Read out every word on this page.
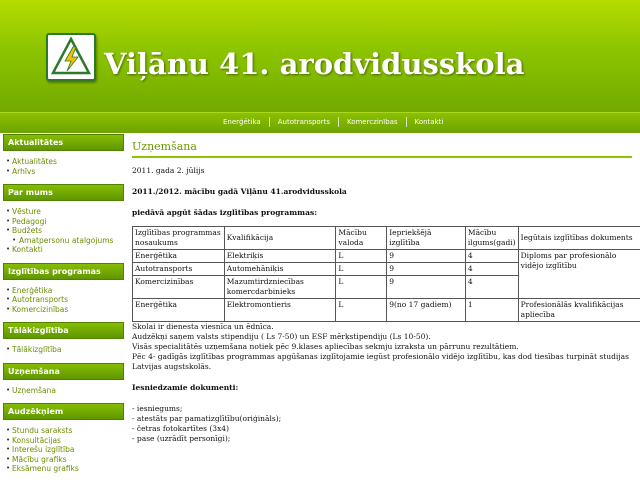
Viļānu 41. arodvidusskola
Enerģētika	Autotransports	Komerczinības	Kontakti
Aktualitātes
• Aktualitātes
• Arhīvs
Par mums
• Vēsture
• Pedagogi
• Budžets
• Amatpersonu atalgojums
• Kontakti
Izglītības programas
• Enerģētika
• Autotransports
• Komercizinības
Tālākizglītība
• Tālākizglītība
Uzņemšana
• Uzņemšana
Audzēkņiem
• Stundu saraksts
• Konsultācijas
• Interešu izglītība
• Mācību grafiks
• Eksāmenu grafiks
Uzņemšana

2011. gada 2. jūlijs

2011./2012. mācību gadā Viļānu 41.arodvidusskola

piedāvā apgūt šādas izglītības programmas:

Izglītības programmas nosaukums	Kvalifikācija	Mācību valoda	Iepriekšējā izglītība	Mācību ilgums(gadi)	Iegūtais izglītības dokuments
Enerģētika	Elektriķis	L	9	4	Diploms par profesionālo vidējo izglītību
Autotransports	Automehāniķis	L	9	4	
Komercizinības	Mazumtirdzniecības komercdarbinieks	L	9	4	
Enerģētika	Elektromontieris	L	9(no 17 gadiem)	1	Profesionālās kvalifikācijas apliecība

Skolai ir dienesta viesnīca un ēdnīca.

Audzēkņi saņem valsts stipendiju ( Ls 7-50) un ESF mērķstipendiju (Ls 10-50).

Visās specialitātēs uzņemšana notiek pēc 9.klases apliecības sekmju izraksta un pārrunu rezultātiem.

Pēc 4- gadīgās izglītības programmas apgūšanas izglītojamie iegūst profesionālo vidējo izglītību, kas dod tiesības turpināt studijas Latvijas augstskolās.

Iesniedzamie dokumenti:

- iesniegums;

- atestāts par pamatizglītību(oriģināls);

- četras fotokartītes (3x4)

- pase (uzrādīt personīgi);
